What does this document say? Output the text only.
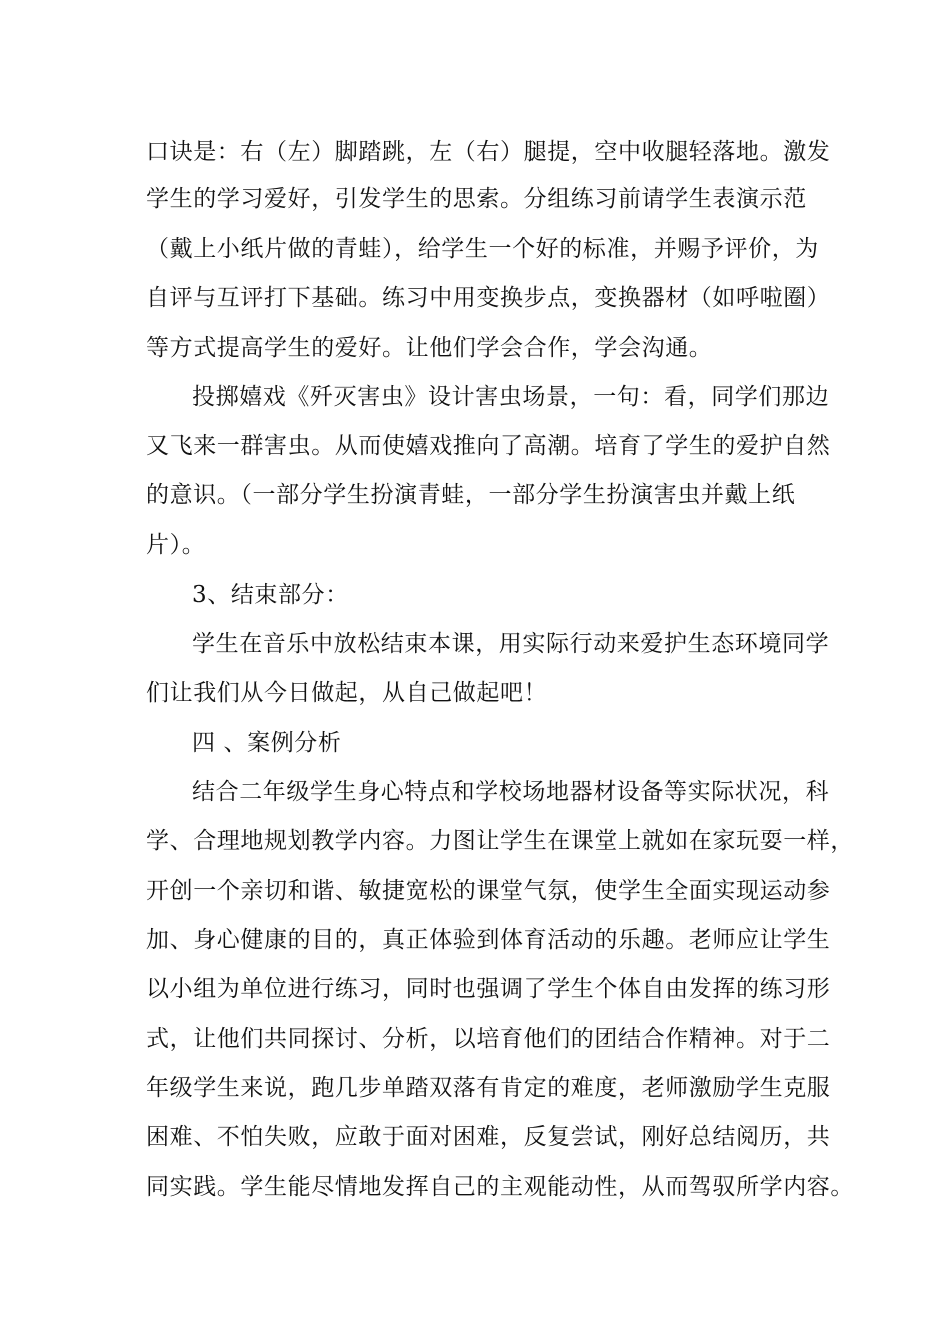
口诀是：右（左）脚踏跳，左（右）腿提，空中收腿轻落地。激发
学生的学习爱好，引发学生的思索。分组练习前请学生表演示范
（戴上小纸片做的青蛙），给学生一个好的标准，并赐予评价，为
自评与互评打下基础。练习中用变换步点，变换器材（如呼啦圈）
等方式提高学生的爱好。让他们学会合作，学会沟通。
投掷嬉戏《歼灭害虫》设计害虫场景，一句：看，同学们那边
又飞来一群害虫。从而使嬉戏推向了高潮。培育了学生的爱护自然
的意识。（一部分学生扮演青蛙，一部分学生扮演害虫并戴上纸
片）。
3、结束部分：
学生在音乐中放松结束本课，用实际行动来爱护生态环境同学
们让我们从今日做起，从自己做起吧！
四 、案例分析
结合二年级学生身心特点和学校场地器材设备等实际状况，科
学、合理地规划教学内容。力图让学生在课堂上就如在家玩耍一样，
开创一个亲切和谐、敏捷宽松的课堂气氛，使学生全面实现运动参
加、身心健康的目的，真正体验到体育活动的乐趣。老师应让学生
以小组为单位进行练习，同时也强调了学生个体自由发挥的练习形
式，让他们共同探讨、分析，以培育他们的团结合作精神。对于二
年级学生来说，跑几步单踏双落有肯定的难度，老师激励学生克服
困难、不怕失败，应敢于面对困难，反复尝试，刚好总结阅历，共
同实践。学生能尽情地发挥自己的主观能动性，从而驾驭所学内容。
